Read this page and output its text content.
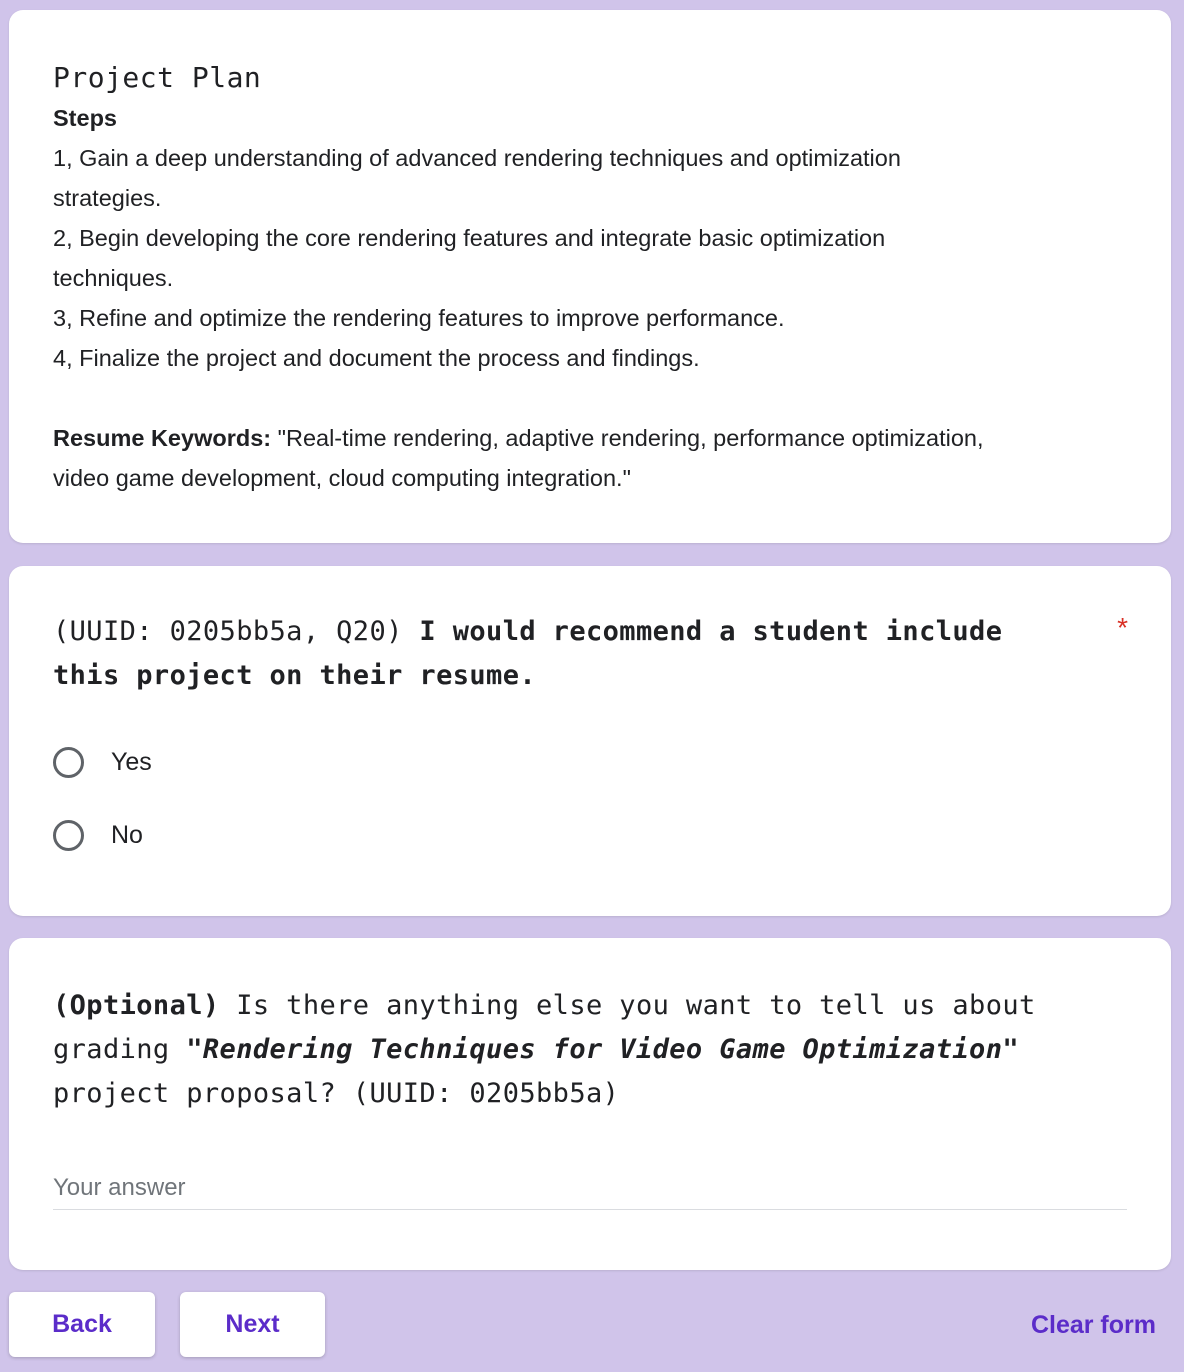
Project Plan
Steps
1, Gain a deep understanding of advanced rendering techniques and optimization
strategies.
2, Begin developing the core rendering features and integrate basic optimization
techniques.
3, Refine and optimize the rendering features to improve performance.
4, Finalize the project and document the process and findings.
Resume Keywords: "Real-time rendering, adaptive rendering, performance optimization,
video game development, cloud computing integration."
(UUID: 0205bb5a, Q20) I would recommend a student include
this project on their resume.
*
Yes
No
(Optional) Is there anything else you want to tell us about
grading "Rendering Techniques for Video Game Optimization"
project proposal? (UUID: 0205bb5a)
Your answer
Back	Next	Clear form
